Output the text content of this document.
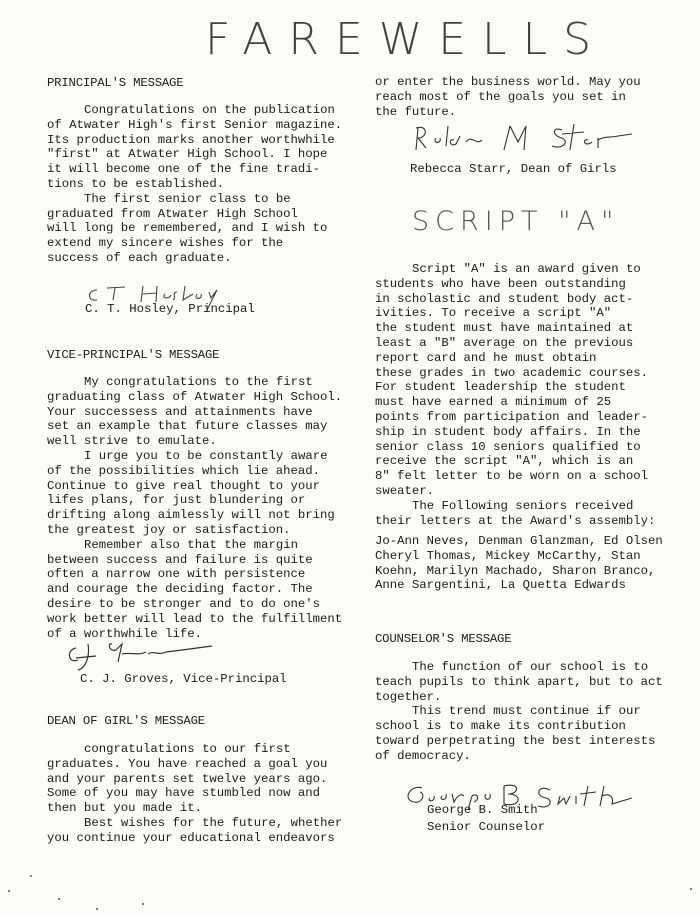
FAREWELLS
PRINCIPAL'S MESSAGE
Congratulations on the publication
of Atwater High's first Senior magazine.
Its production marks another worthwhile
"first" at Atwater High School. I hope
it will become one of the fine tradi-
tions to be established.
The first senior class to be
graduated from Atwater High School
will long be remembered, and I wish to
extend my sincere wishes for the
success of each graduate.
C. T. Hosley, Principal
VICE-PRINCIPAL'S MESSAGE
My congratulations to the first
graduating class of Atwater High School.
Your successess and attainments have
set an example that future classes may
well strive to emulate.
I urge you to be constantly aware
of the possibilities which lie ahead.
Continue to give real thought to your
lifes plans, for just blundering or
drifting along aimlessly will not bring
the greatest joy or satisfaction.
Remember also that the margin
between success and failure is quite
often a narrow one with persistence
and courage the deciding factor. The
desire to be stronger and to do one's
work better will lead to the fulfillment
of a worthwhile life.
C. J. Groves, Vice-Principal
DEAN OF GIRL'S MESSAGE
congratulations to our first
graduates. You have reached a goal you
and your parents set twelve years ago.
Some of you may have stumbled now and
then but you made it.
Best wishes for the future, whether
you continue your educational endeavors
or enter the business world. May you
reach most of the goals you set in
the future.
Rebecca Starr, Dean of Girls
SCRIPT "A"
Script "A" is an award given to
students who have been outstanding
in scholastic and student body act-
ivities. To receive a script "A"
the student must have maintained at
least a "B" average on the previous
report card and he must obtain
these grades in two academic courses.
For student leadership the student
must have earned a minimum of 25
points from participation and leader-
ship in student body affairs. In the
senior class 10 seniors qualified to
receive the script "A", which is an
8" felt letter to be worn on a school
sweater.
The Following seniors received
their letters at the Award's assembly:
Jo-Ann Neves, Denman Glanzman, Ed Olsen
Cheryl Thomas, Mickey McCarthy, Stan
Koehn, Marilyn Machado, Sharon Branco,
Anne Sargentini, La Quetta Edwards
COUNSELOR'S MESSAGE
The function of our school is to
teach pupils to think apart, but to act
together.
This trend must continue if our
school is to make its contribution
toward perpetrating the best interests
of democracy.
George B. Smith
Senior Counselor
